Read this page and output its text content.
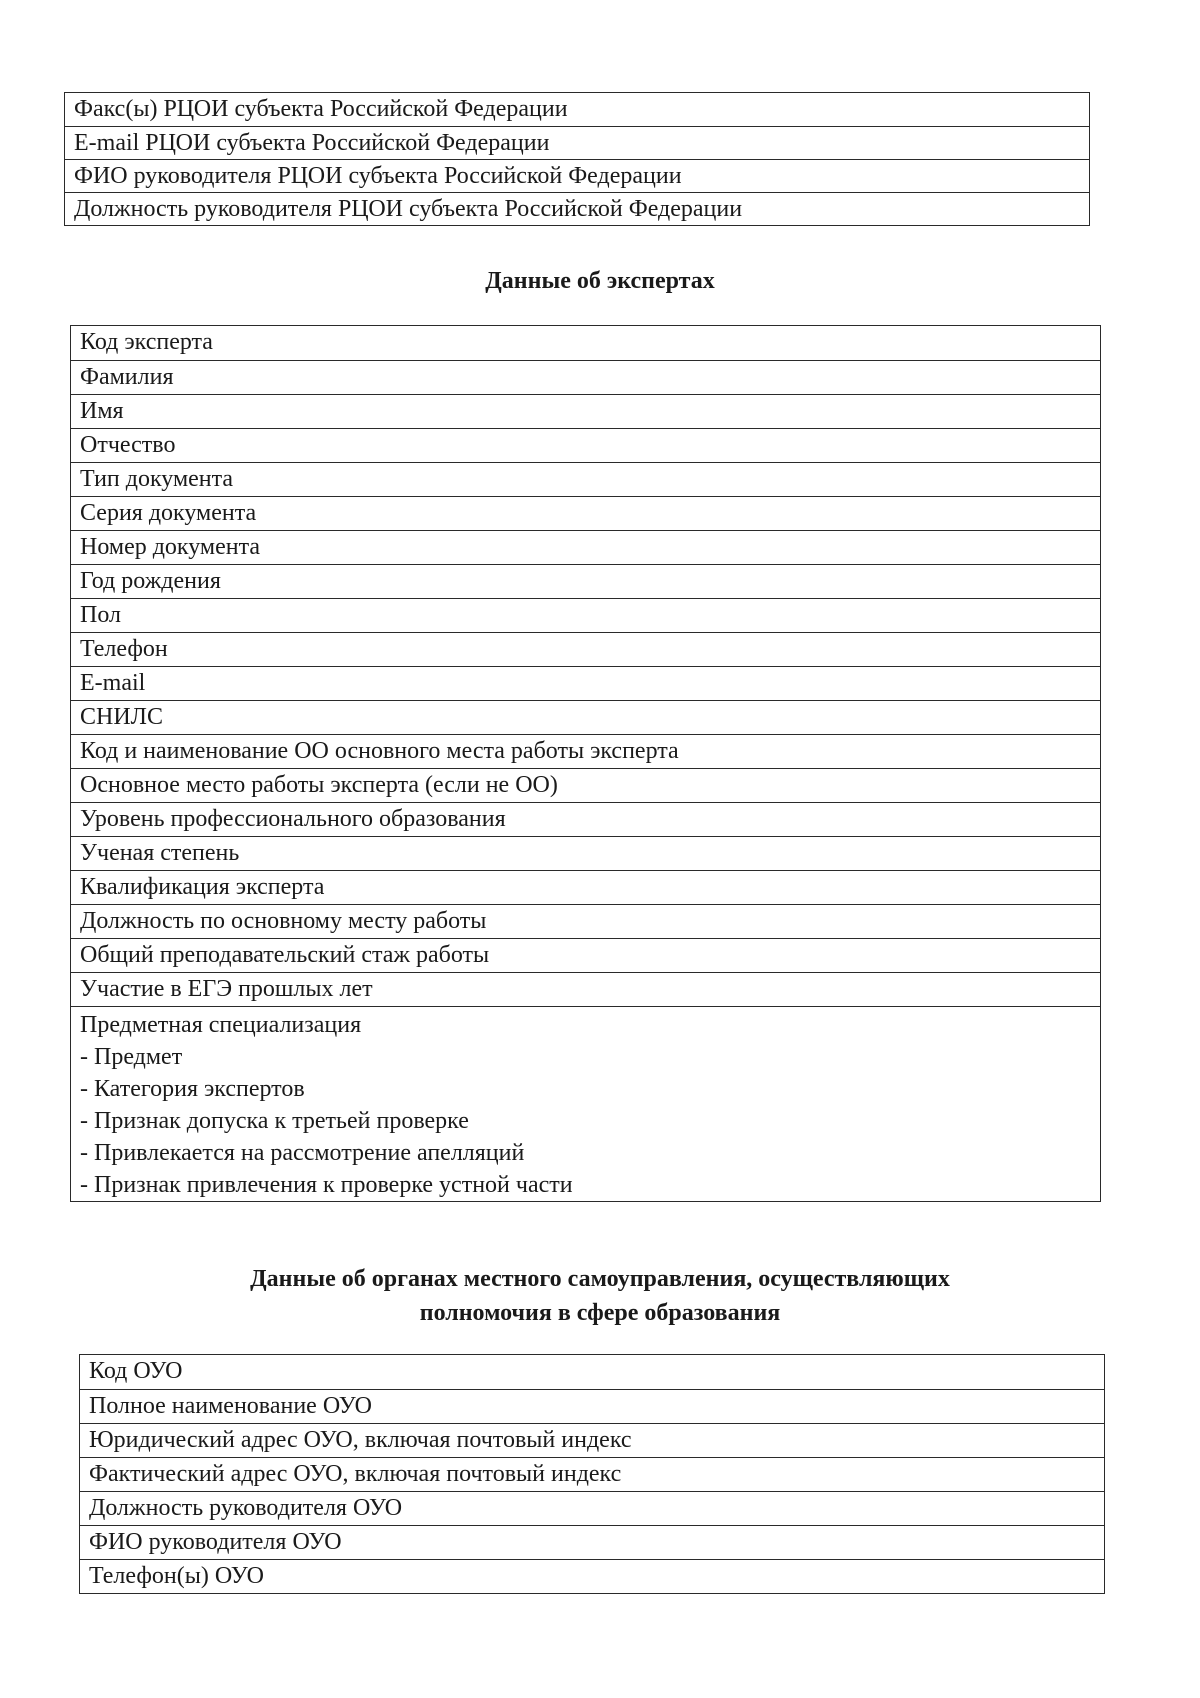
Факс(ы) РЦОИ субъекта Российской Федерации
E-mail РЦОИ субъекта Российской Федерации
ФИО руководителя РЦОИ субъекта Российской Федерации
Должность руководителя РЦОИ субъекта Российской Федерации
Данные об экспертах
Код эксперта
Фамилия
Имя
Отчество
Тип документа
Серия документа
Номер документа
Год рождения
Пол
Телефон
E-mail
СНИЛС
Код и наименование ОО основного места работы эксперта
Основное место работы эксперта (если не ОО)
Уровень профессионального образования
Ученая степень
Квалификация эксперта
Должность по основному месту работы
Общий преподавательский стаж работы
Участие в ЕГЭ прошлых лет
Предметная специализация
- Предмет
- Категория экспертов
- Признак допуска к третьей проверке
- Привлекается на рассмотрение апелляций
- Признак привлечения к проверке устной части
Данные об органах местного самоуправления, осуществляющих
полномочия в сфере образования
Код ОУО
Полное наименование ОУО
Юридический адрес ОУО, включая почтовый индекс
Фактический адрес ОУО, включая почтовый индекс
Должность руководителя ОУО
ФИО руководителя ОУО
Телефон(ы) ОУО
